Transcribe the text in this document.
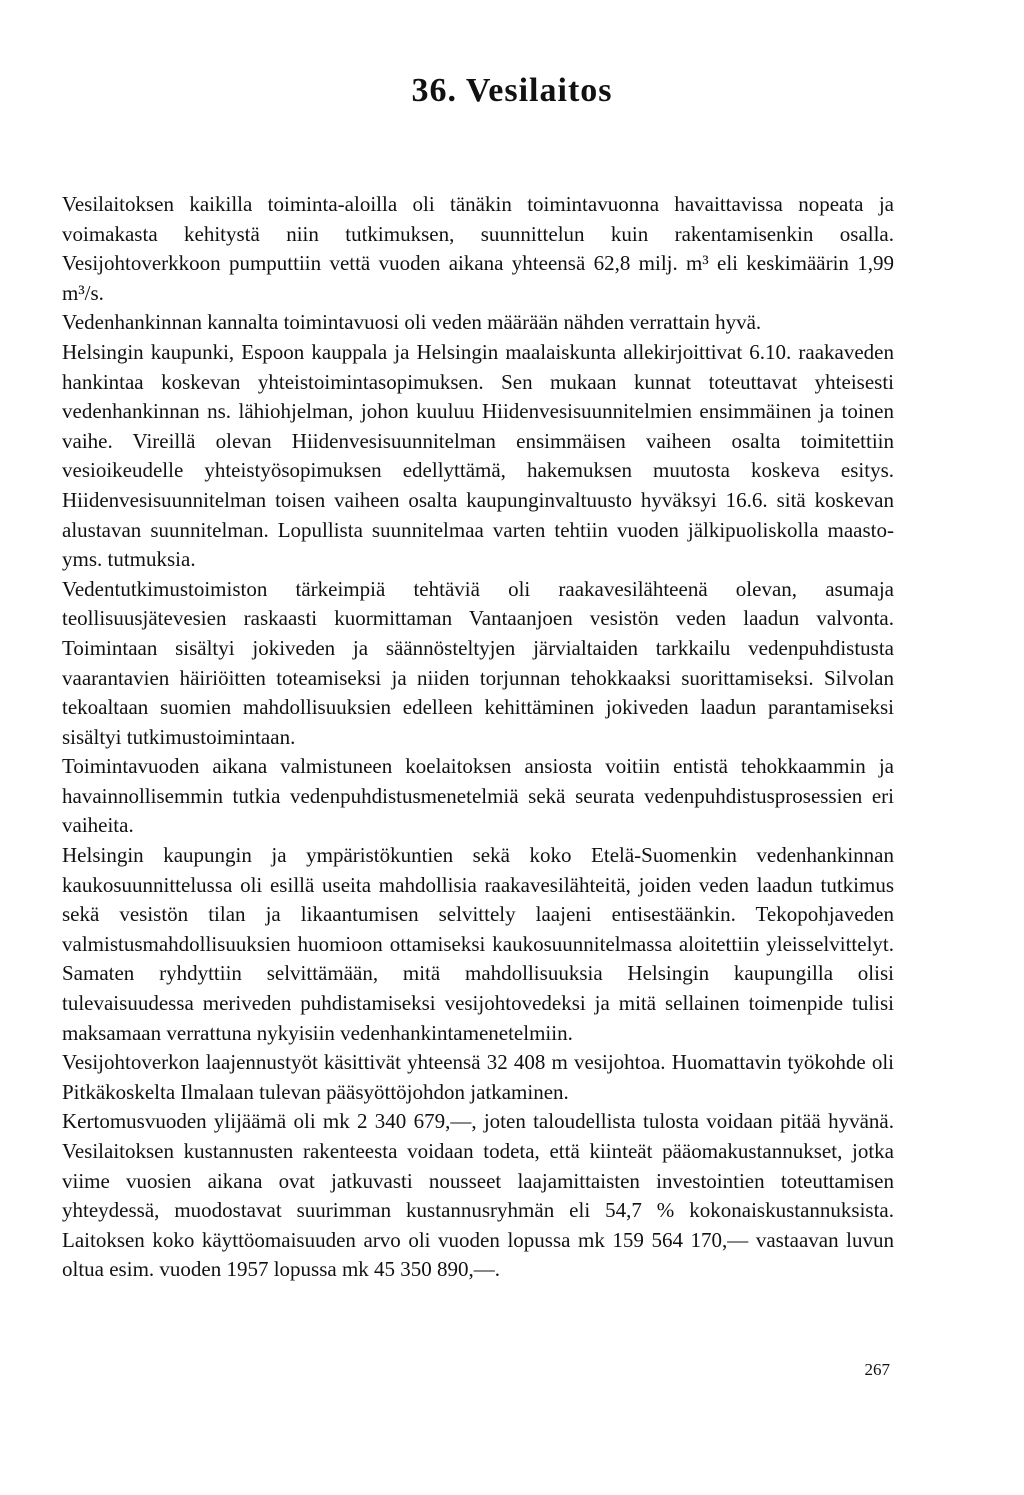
36. Vesilaitos

Vesilaitoksen kaikilla toiminta-aloilla oli tänäkin toimintavuonna havaittavissa nopeata ja voimakasta kehitystä niin tutkimuksen, suunnittelun kuin rakentamisenkin osalla. Vesijohtoverkkoon pumputtiin vettä vuoden aikana yhteensä 62,8 milj. m³ eli keskimäärin 1,99 m³/s.

Vedenhankinnan kannalta toimintavuosi oli veden määrään nähden verrattain hyvä.

Helsingin kaupunki, Espoon kauppala ja Helsingin maalaiskunta allekirjoittivat 6.10. raakaveden hankintaa koskevan yhteistoimintasopimuksen. Sen mukaan kunnat toteuttavat yhteisesti vedenhankinnan ns. lähiohjelman, johon kuuluu Hiidenvesisuunnitelmien ensimmäinen ja toinen vaihe. Vireillä olevan Hiidenvesisuunnitelman ensimmäisen vaiheen osalta toimitettiin vesioikeudelle yhteistyösopimuksen edellyttämä, hakemuksen muutosta koskeva esitys. Hiidenvesisuunnitelman toisen vaiheen osalta kaupunginvaltuusto hyväksyi 16.6. sitä koskevan alustavan suunnitelman. Lopullista suunnitelmaa varten tehtiin vuoden jälkipuoliskolla maasto- yms. tutmuksia.

Vedentutkimustoimiston tärkeimpiä tehtäviä oli raakavesilähteenä olevan, asumaja teollisuusjätevesien raskaasti kuormittaman Vantaanjoen vesistön veden laadun valvonta. Toimintaan sisältyi jokiveden ja säännösteltyjen järvialtaiden tarkkailu vedenpuhdistusta vaarantavien häiriöitten toteamiseksi ja niiden torjunnan tehokkaaksi suorittamiseksi. Silvolan tekoaltaan suomien mahdollisuuksien edelleen kehittäminen jokiveden laadun parantamiseksi sisältyi tutkimustoimintaan.

Toimintavuoden aikana valmistuneen koelaitoksen ansiosta voitiin entistä tehokkaammin ja havainnollisemmin tutkia vedenpuhdistusmenetelmiä sekä seurata vedenpuhdistusprosessien eri vaiheita.

Helsingin kaupungin ja ympäristökuntien sekä koko Etelä-Suomenkin vedenhankinnan kaukosuunnittelussa oli esillä useita mahdollisia raakavesilähteitä, joiden veden laadun tutkimus sekä vesistön tilan ja likaantumisen selvittely laajeni entisestäänkin. Tekopohjaveden valmistusmahdollisuuksien huomioon ottamiseksi kaukosuunnitelmassa aloitettiin yleisselvittelyt. Samaten ryhdyttiin selvittämään, mitä mahdollisuuksia Helsingin kaupungilla olisi tulevaisuudessa meriveden puhdistamiseksi vesijohtovedeksi ja mitä sellainen toimenpide tulisi maksamaan verrattuna nykyisiin vedenhankintamenetelmiin.

Vesijohtoverkon laajennustyöt käsittivät yhteensä 32 408 m vesijohtoa. Huomattavin työkohde oli Pitkäkoskelta Ilmalaan tulevan pääsyöttöjohdon jatkaminen.

Kertomusvuoden ylijäämä oli mk 2 340 679,—, joten taloudellista tulosta voidaan pitää hyvänä. Vesilaitoksen kustannusten rakenteesta voidaan todeta, että kiinteät pääomakustannukset, jotka viime vuosien aikana ovat jatkuvasti nousseet laajamittaisten investointien toteuttamisen yhteydessä, muodostavat suurimman kustannusryhmän eli 54,7 % kokonaiskustannuksista. Laitoksen koko käyttöomaisuuden arvo oli vuoden lopussa mk 159 564 170,— vastaavan luvun oltua esim. vuoden 1957 lopussa mk 45 350 890,—.

267
